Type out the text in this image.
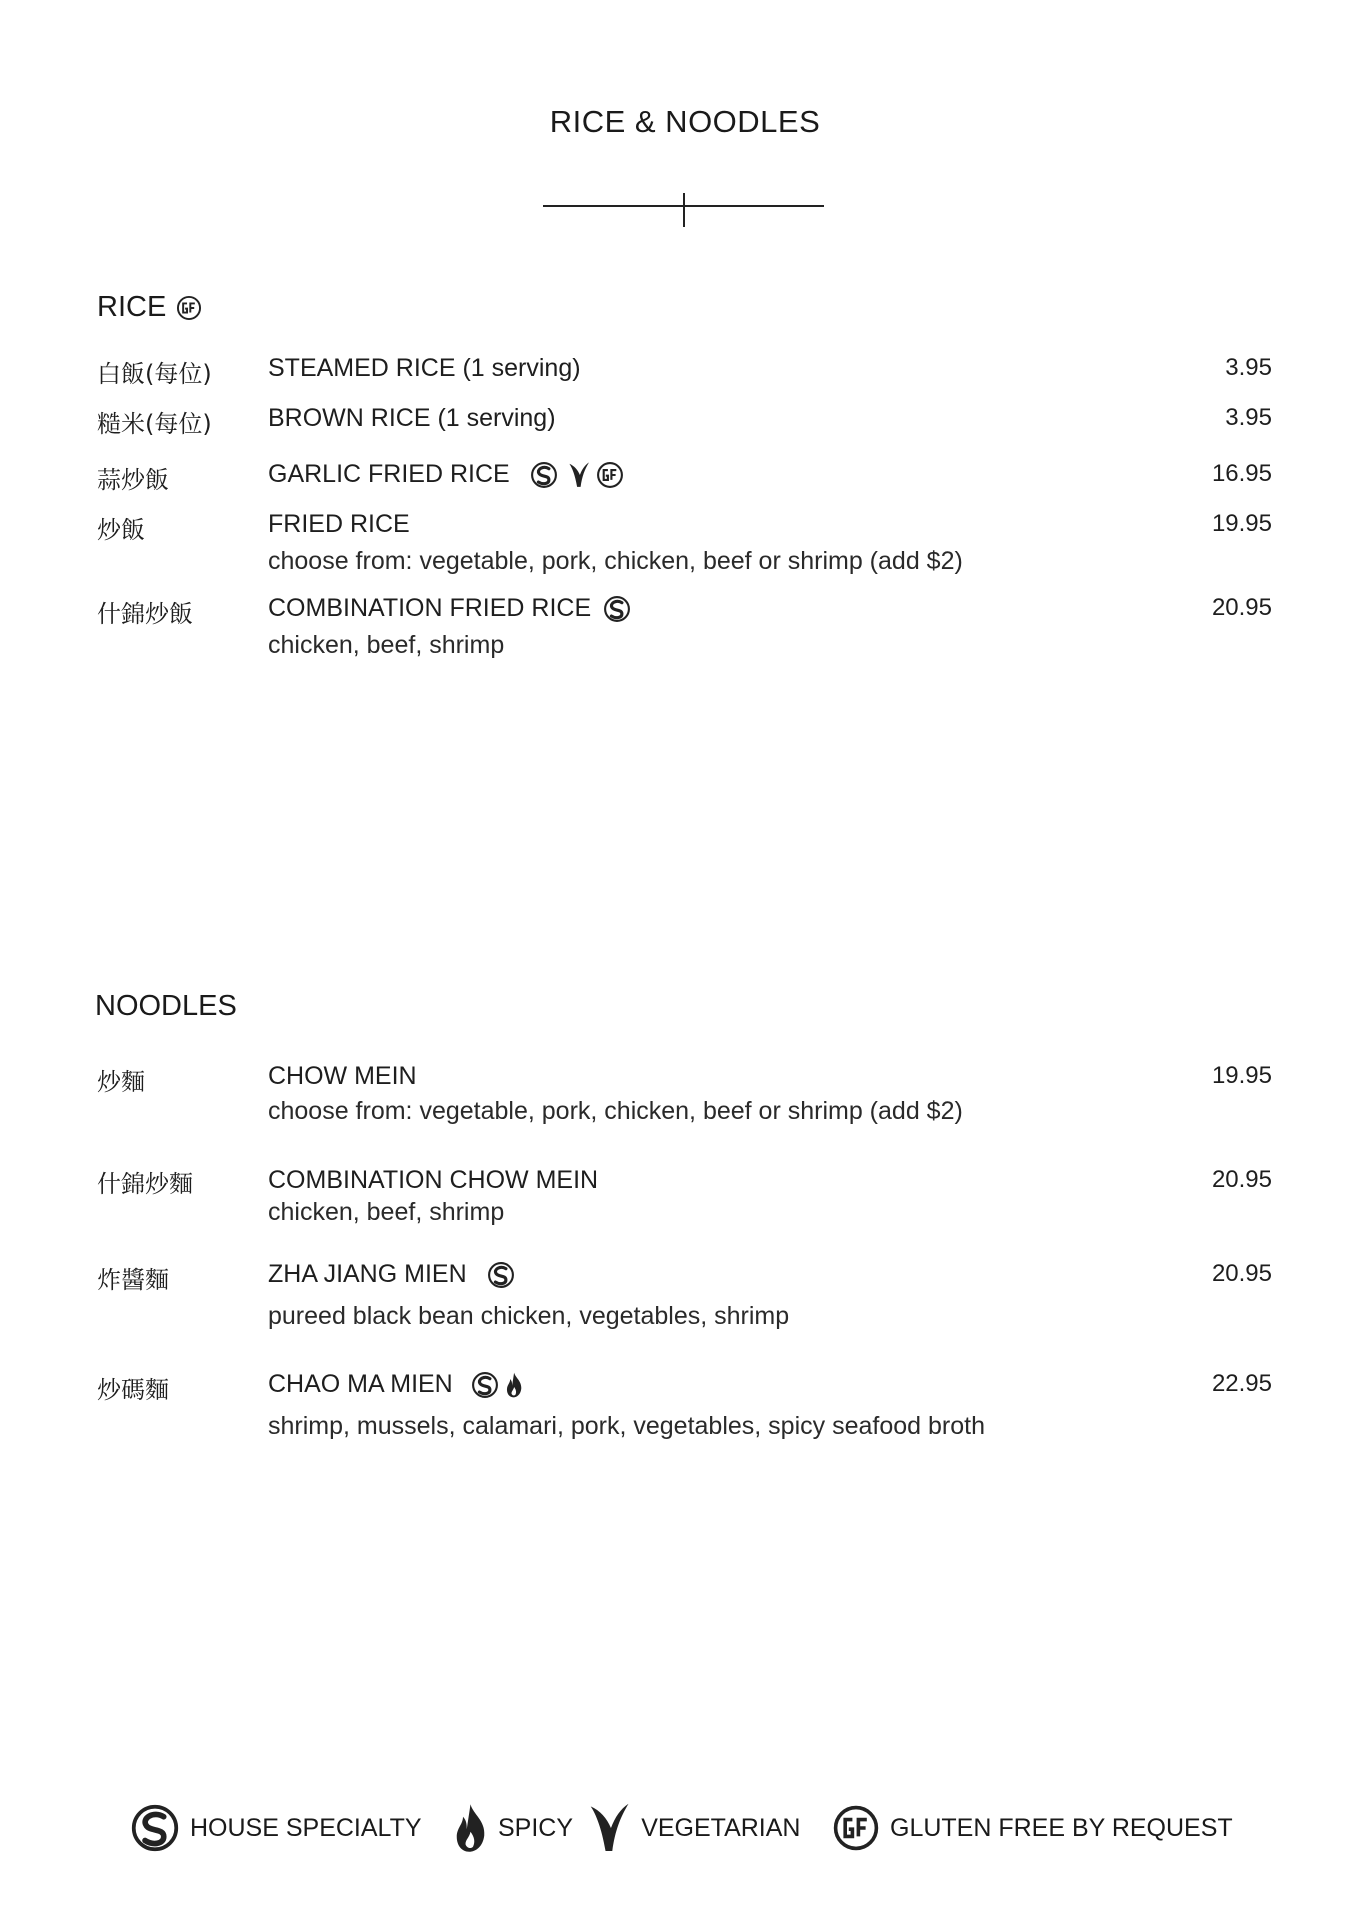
RICE & NOODLES
RICE
白飯(每位) STEAMED RICE (1 serving)	3.95
糙米(每位) BROWN RICE (1 serving)	3.95
蒜炒飯	GARLIC FRIED RICE	16.95
炒飯	FRIED RICE
choose from: vegetable, pork, chicken, beef or shrimp (add $2)
19.95
什錦炒飯	COMBINATION FRIED RICE
chicken, beef, shrimp
20.95
NOODLES
炒麵	CHOW MEIN
choose from: vegetable, pork, chicken, beef or shrimp (add $2)
19.95
什錦炒麵	COMBINATION CHOW MEIN
chicken, beef, shrimp
20.95
炸醬麵	ZHA JIANG MIEN
pureed black bean chicken, vegetables, shrimp
20.95
炒碼麵	CHAO MA MIEN
shrimp, mussels, calamari, pork, vegetables, spicy seafood broth
22.95
HOUSE SPECIALTY	SPICY	VEGETARIAN	GLUTEN FREE BY REQUEST
